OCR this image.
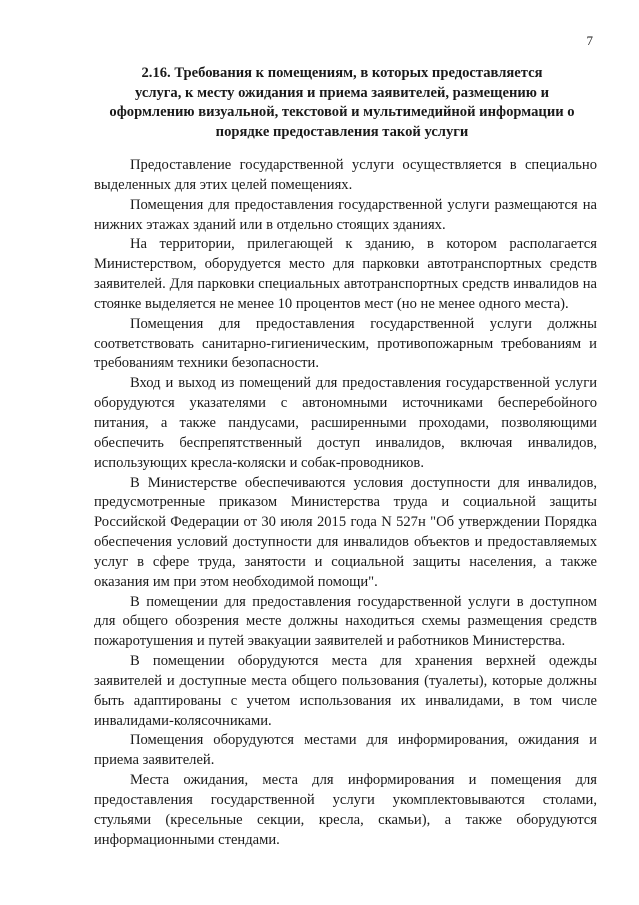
7
2.16. Требования к помещениям, в которых предоставляется
услуга, к месту ожидания и приема заявителей, размещению и
оформлению визуальной, текстовой и мультимедийной информации о
порядке предоставления такой услуги

Предоставление государственной услуги осуществляется в специально выделенных для этих целей помещениях.

Помещения для предоставления государственной услуги размещаются на нижних этажах зданий или в отдельно стоящих зданиях.

На территории, прилегающей к зданию, в котором располагается Министерством, оборудуется место для парковки автотранспортных средств заявителей. Для парковки специальных автотранспортных средств инвалидов на стоянке выделяется не менее 10 процентов мест (но не менее одного места).

Помещения для предоставления государственной услуги должны соответствовать санитарно-гигиеническим, противопожарным требованиям и требованиям техники безопасности.

Вход и выход из помещений для предоставления государственной услуги оборудуются указателями с автономными источниками бесперебойного питания, а также пандусами, расширенными проходами, позволяющими обеспечить беспрепятственный доступ инвалидов, включая инвалидов, использующих кресла-коляски и собак-проводников.

В Министерстве обеспечиваются условия доступности для инвалидов, предусмотренные приказом Министерства труда и социальной защиты Российской Федерации от 30 июля 2015 года N 527н "Об утверждении Порядка обеспечения условий доступности для инвалидов объектов и предоставляемых услуг в сфере труда, занятости и социальной защиты населения, а также оказания им при этом необходимой помощи".

В помещении для предоставления государственной услуги в доступном для общего обозрения месте должны находиться схемы размещения средств пожаротушения и путей эвакуации заявителей и работников Министерства.

В помещении оборудуются места для хранения верхней одежды заявителей и доступные места общего пользования (туалеты), которые должны быть адаптированы с учетом использования их инвалидами, в том числе инвалидами-колясочниками.

Помещения оборудуются местами для информирования, ожидания и приема заявителей.

Места ожидания, места для информирования и помещения для предоставления государственной услуги укомплектовываются столами, стульями (кресельные секции, кресла, скамьи), а также оборудуются информационными стендами.
